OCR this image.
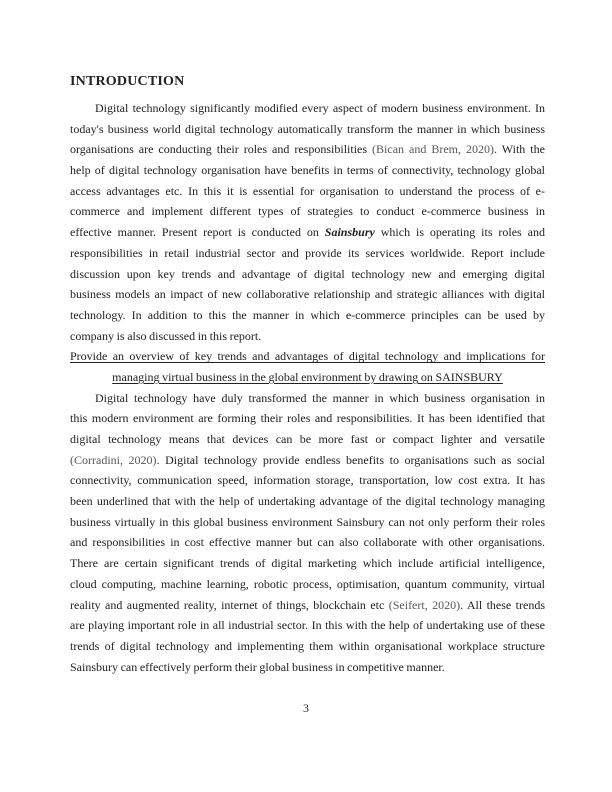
INTRODUCTION
Digital technology significantly modified every aspect of modern business environment. In
today's business world digital technology automatically transform the manner in which business
organisations are conducting their roles and responsibilities (Bican and Brem, 2020). With the
help of digital technology organisation have benefits in terms of connectivity, technology global
access advantages etc. In this it is essential for organisation to understand the process of e-
commerce and implement different types of strategies to conduct e-commerce business in
effective manner. Present report is conducted on Sainsbury which is operating its roles and
responsibilities in retail industrial sector and provide its services worldwide. Report include
discussion upon key trends and advantage of digital technology new and emerging digital
business models an impact of new collaborative relationship and strategic alliances with digital
technology. In addition to this the manner in which e-commerce principles can be used by
company is also discussed in this report.
Provide an overview of key trends and advantages of digital technology and implications for
managing virtual business in the global environment by drawing on SAINSBURY
Digital technology have duly transformed the manner in which business organisation in
this modern environment are forming their roles and responsibilities. It has been identified that
digital technology means that devices can be more fast or compact lighter and versatile
(Corradini, 2020). Digital technology provide endless benefits to organisations such as social
connectivity, communication speed, information storage, transportation, low cost extra. It has
been underlined that with the help of undertaking advantage of the digital technology managing
business virtually in this global business environment Sainsbury can not only perform their roles
and responsibilities in cost effective manner but can also collaborate with other organisations.
There are certain significant trends of digital marketing which include artificial intelligence,
cloud computing, machine learning, robotic process, optimisation, quantum community, virtual
reality and augmented reality, internet of things, blockchain etc (Seifert, 2020). All these trends
are playing important role in all industrial sector. In this with the help of undertaking use of these
trends of digital technology and implementing them within organisational workplace structure
Sainsbury can effectively perform their global business in competitive manner.
3
